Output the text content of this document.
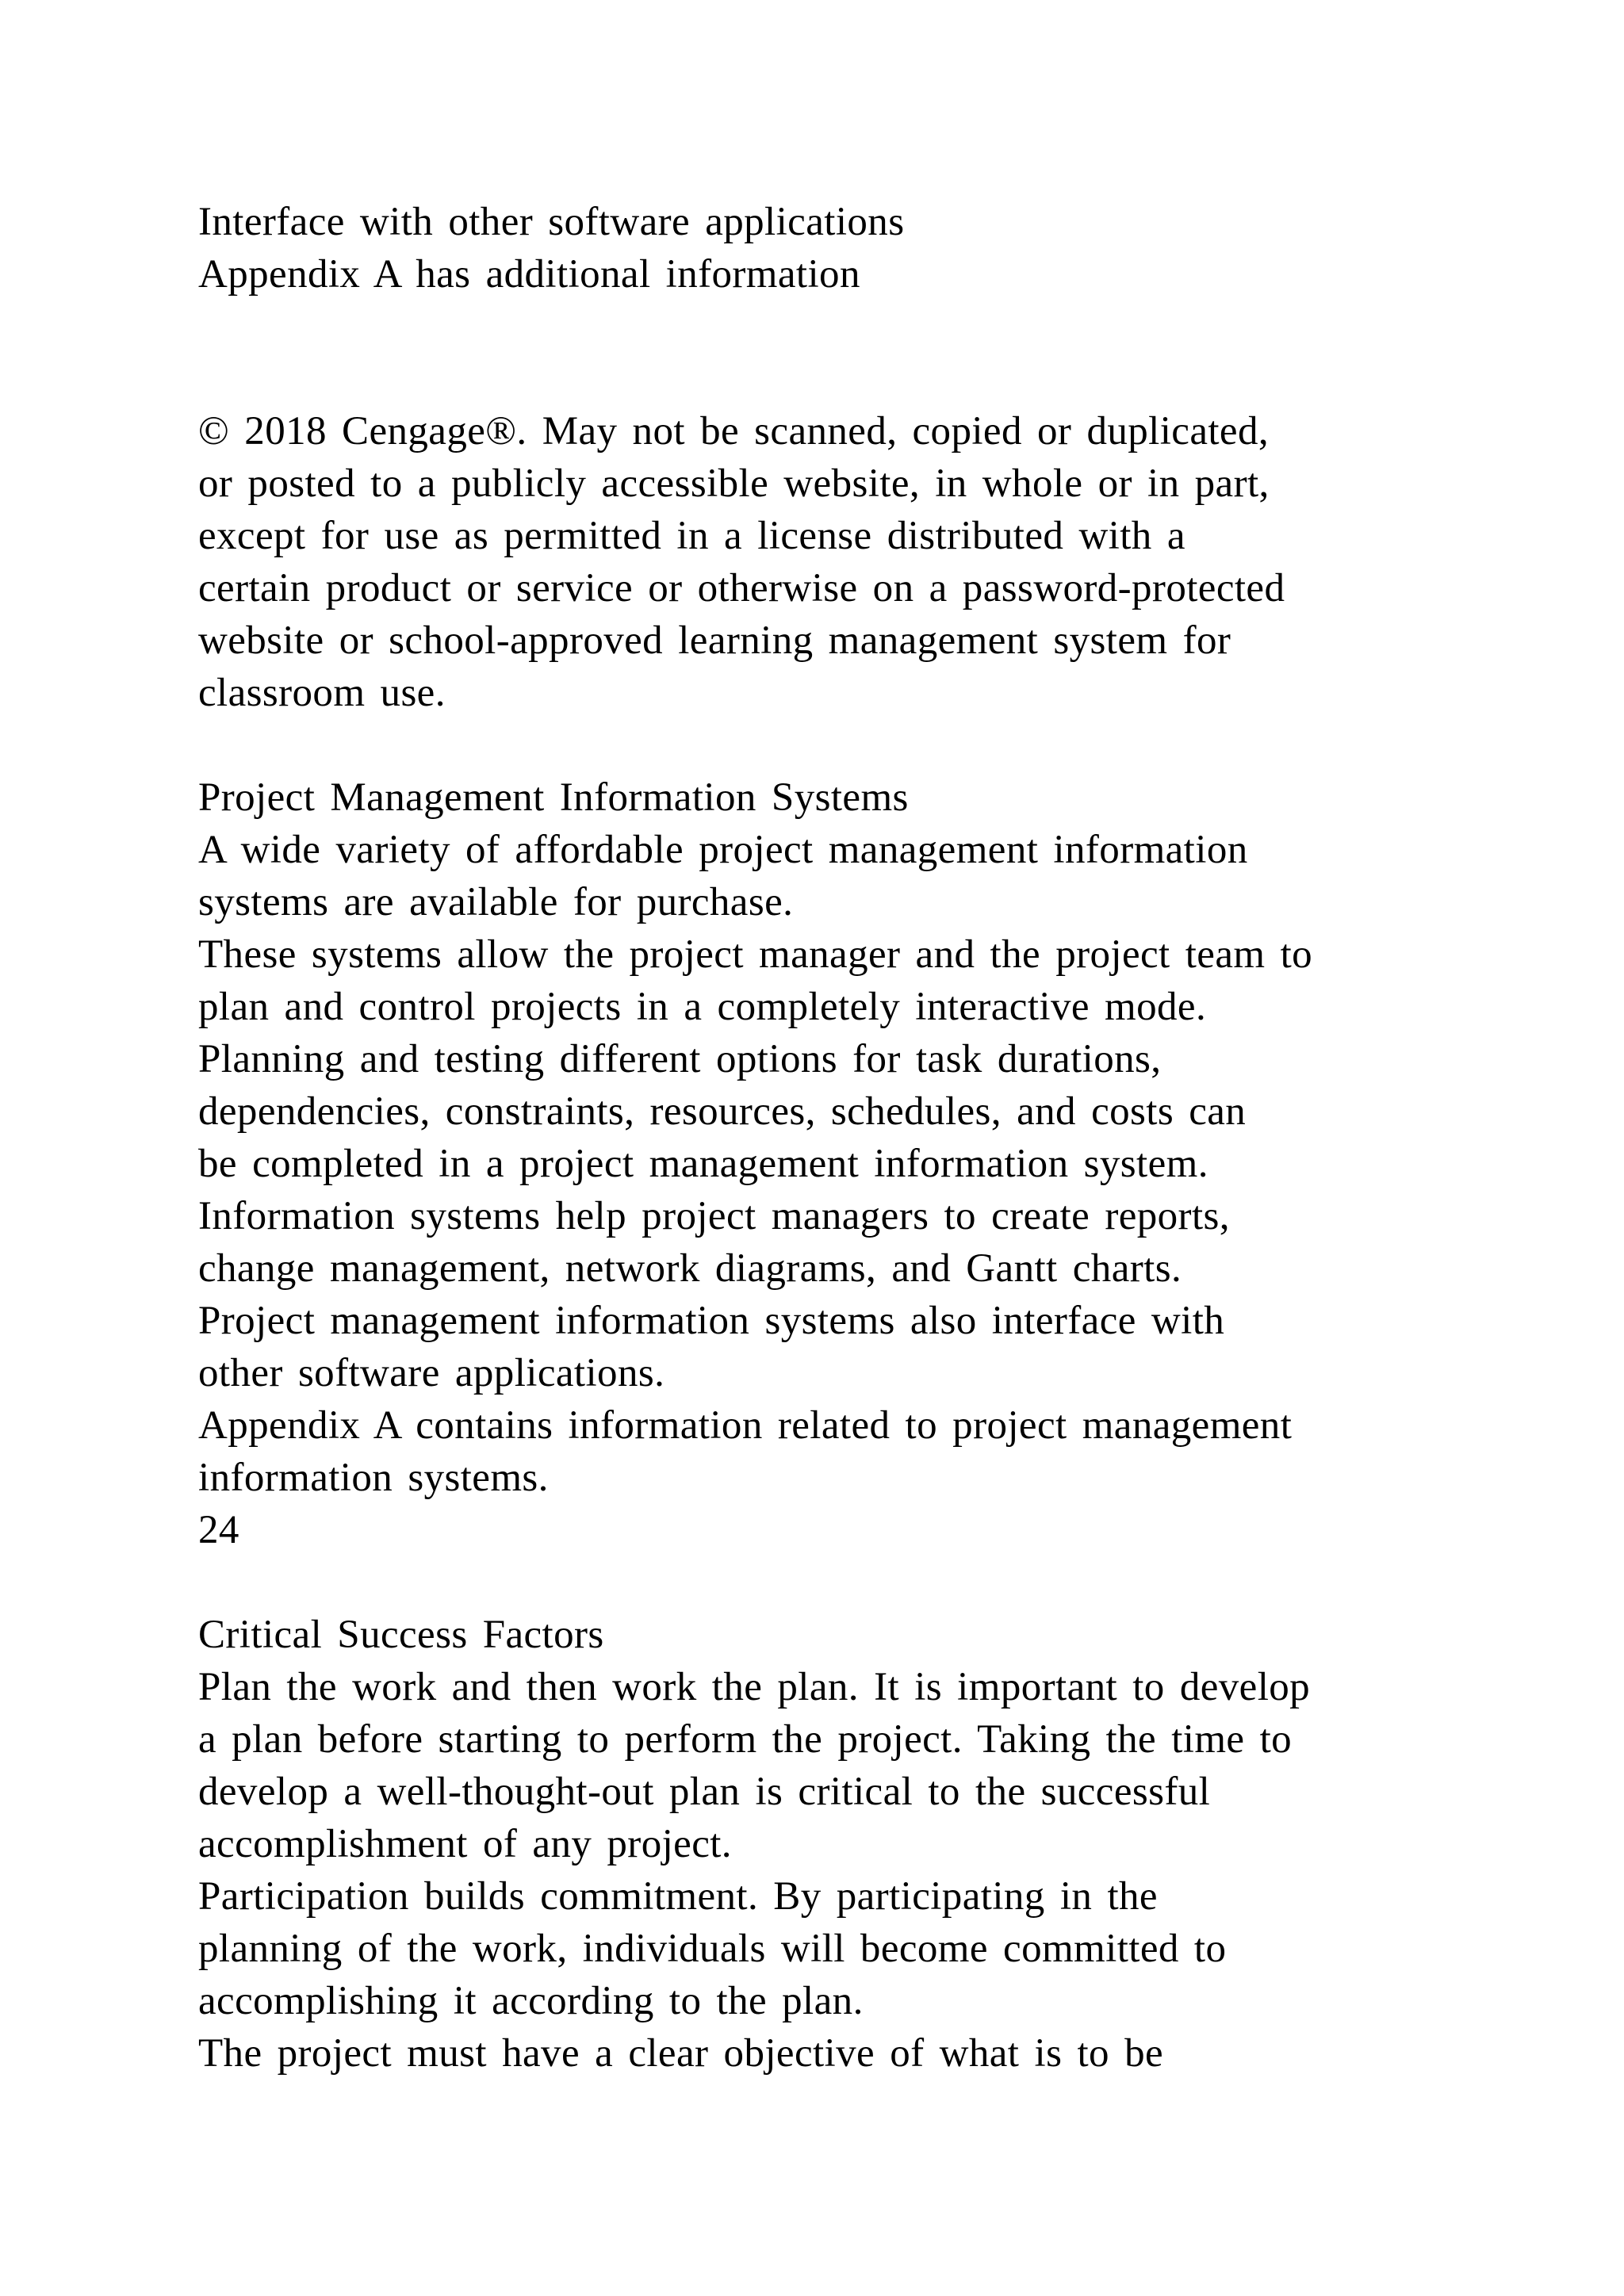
Interface with other software applications
Appendix A has additional information
© 2018 Cengage®. May not be scanned, copied or duplicated,
or posted to a publicly accessible website, in whole or in part,
except for use as permitted in a license distributed with a
certain product or service or otherwise on a password-protected
website or school-approved learning management system for
classroom use.
Project Management Information Systems
A wide variety of affordable project management information
systems are available for purchase.
These systems allow the project manager and the project team to
plan and control projects in a completely interactive mode.
Planning and testing different options for task durations,
dependencies, constraints, resources, schedules, and costs can
be completed in a project management information system.
Information systems help project managers to create reports,
change management, network diagrams, and Gantt charts.
Project management information systems also interface with
other software applications.
Appendix A contains information related to project management
information systems.
24
Critical Success Factors
Plan the work and then work the plan. It is important to develop
a plan before starting to perform the project. Taking the time to
develop a well-thought-out plan is critical to the successful
accomplishment of any project.
Participation builds commitment. By participating in the
planning of the work, individuals will become committed to
accomplishing it according to the plan.
The project must have a clear objective of what is to be
